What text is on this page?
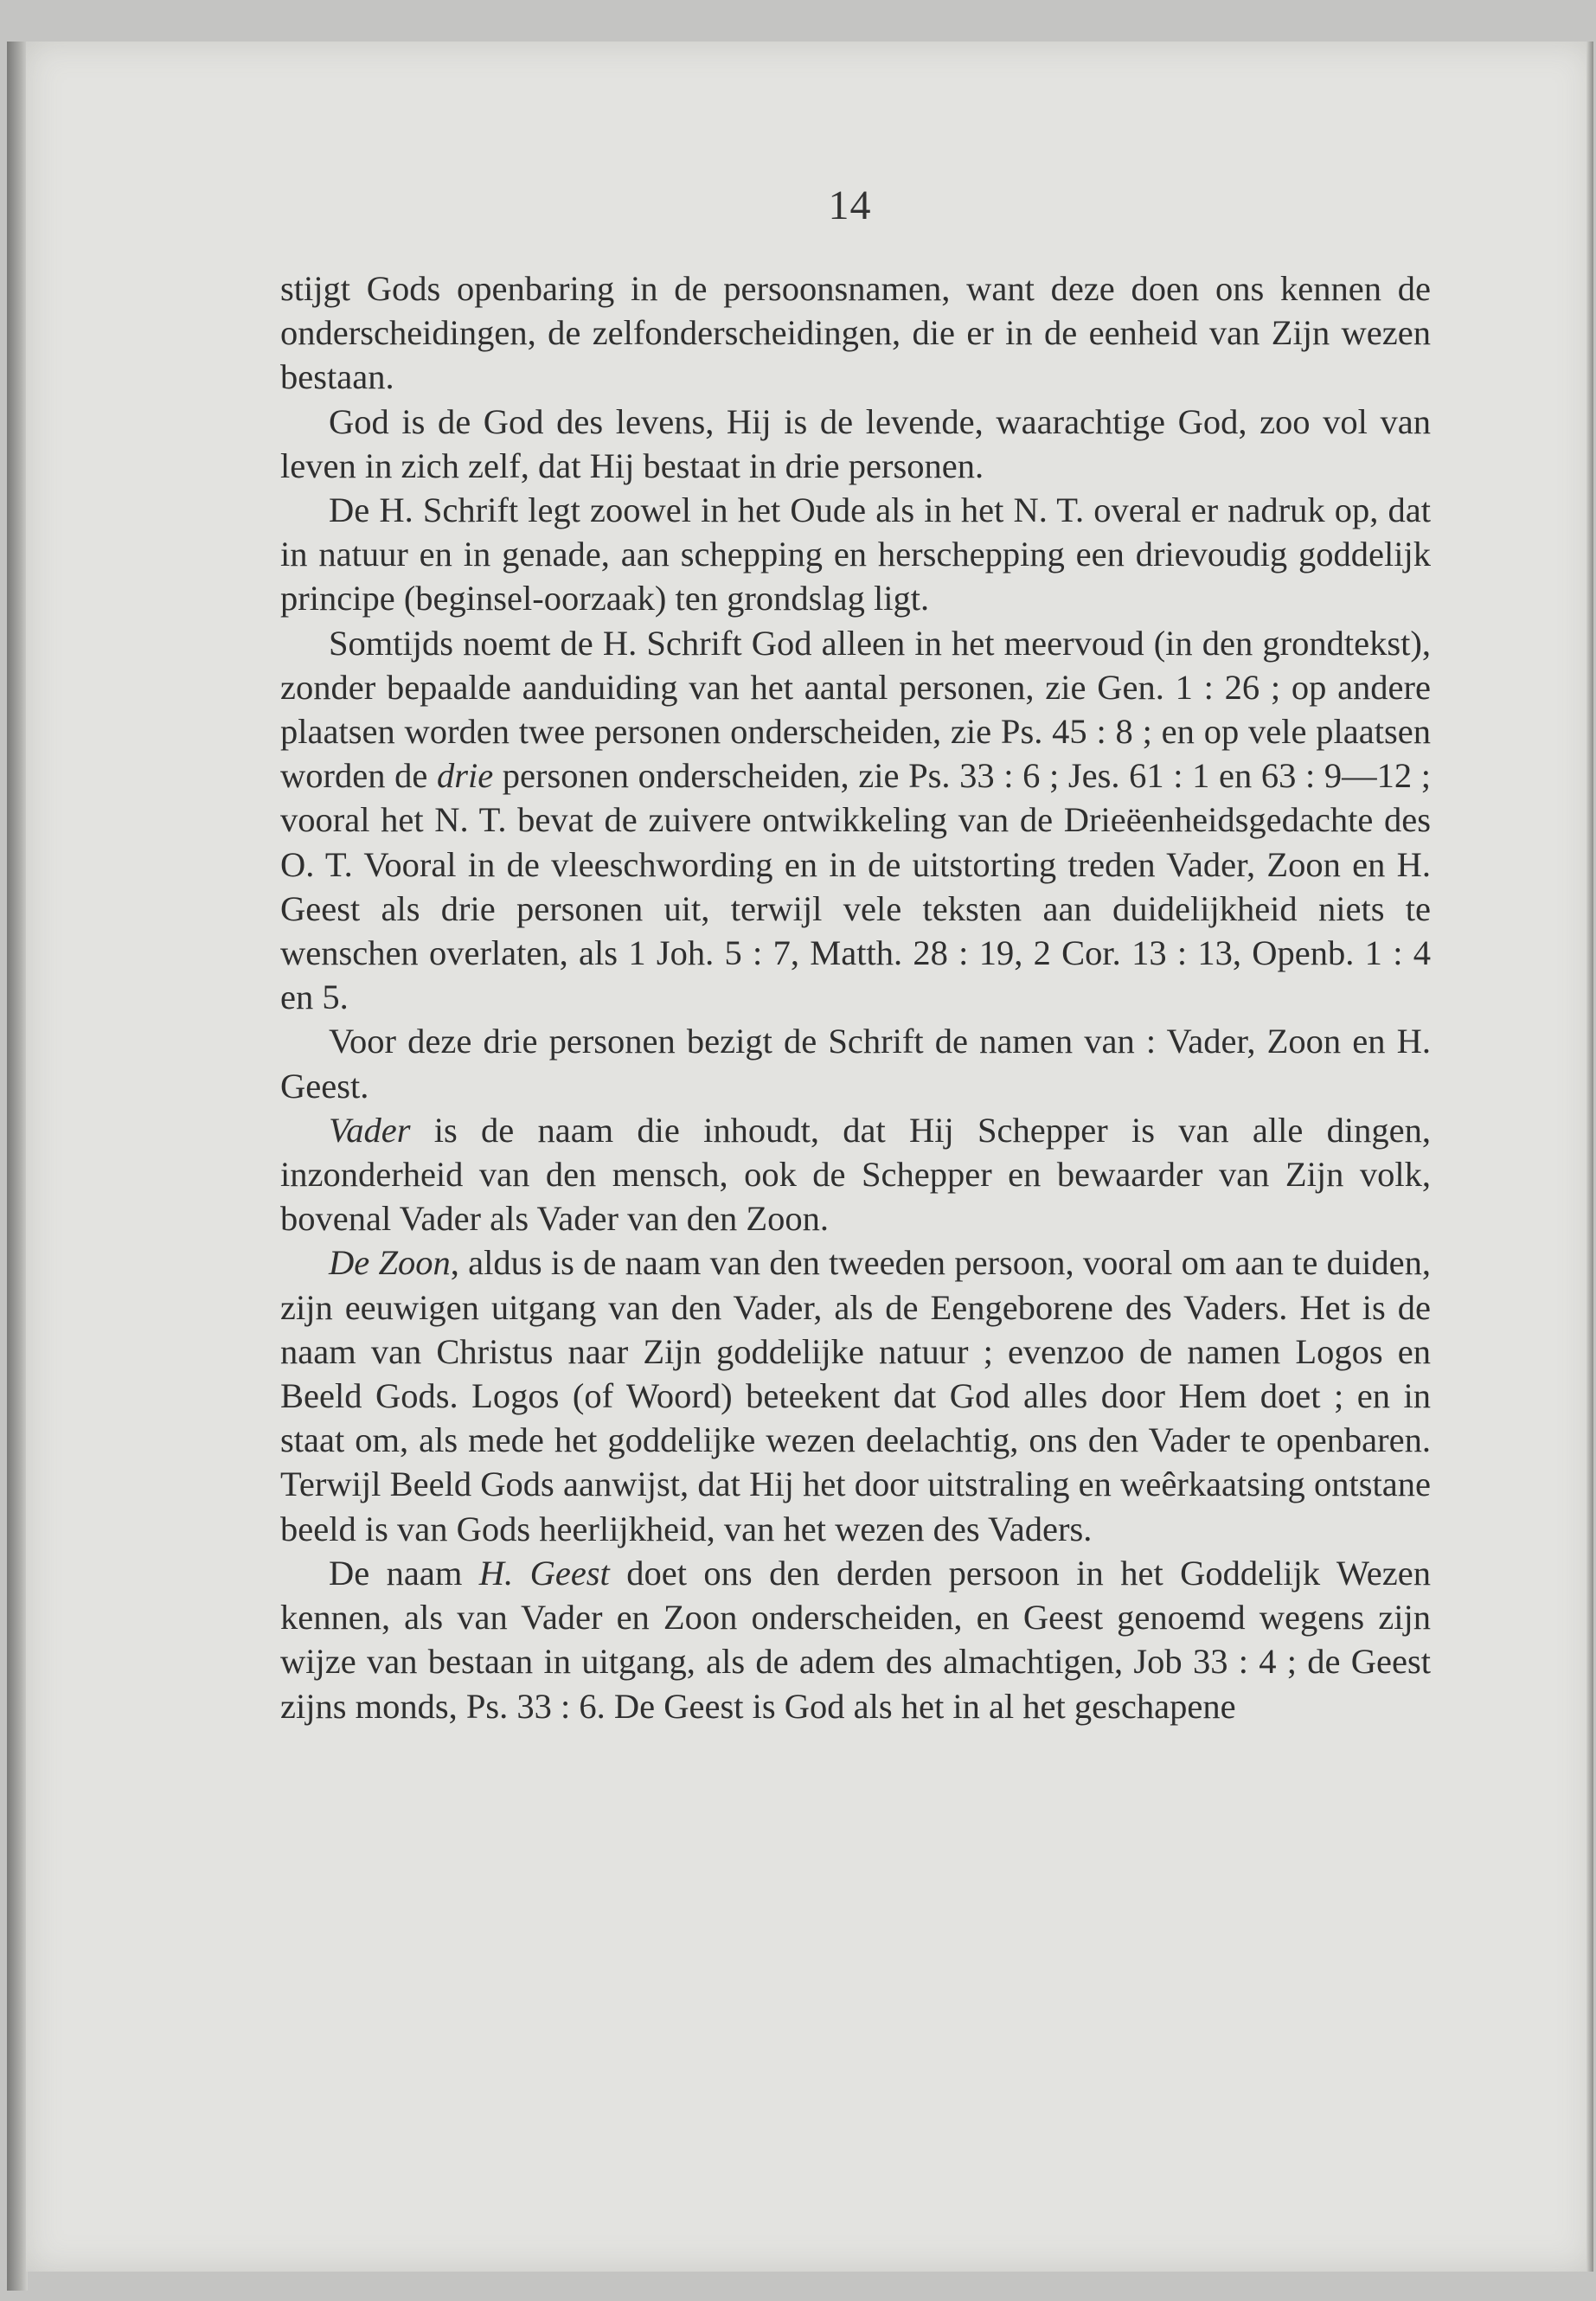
14

stijgt Gods openbaring in de persoonsnamen, want deze doen ons kennen de onderscheidingen, de zelfonderscheidingen, die er in de eenheid van Zijn wezen bestaan.

God is de God des levens, Hij is de levende, waarachtige God, zoo vol van leven in zich zelf, dat Hij bestaat in drie personen.

De H. Schrift legt zoowel in het Oude als in het N. T. overal er nadruk op, dat in natuur en in genade, aan schepping en herschepping een drievoudig goddelijk principe (beginsel-oorzaak) ten grondslag ligt.

Somtijds noemt de H. Schrift God alleen in het meervoud (in den grondtekst), zonder bepaalde aanduiding van het aantal personen, zie Gen. 1 : 26 ; op andere plaatsen worden twee personen onderscheiden, zie Ps. 45 : 8 ; en op vele plaatsen worden de drie personen onderscheiden, zie Ps. 33 : 6 ; Jes. 61 : 1 en 63 : 9—12 ; vooral het N. T. bevat de zuivere ontwikkeling van de Drieëenheidsgedachte des O. T. Vooral in de vleeschwording en in de uitstorting treden Vader, Zoon en H. Geest als drie personen uit, terwijl vele teksten aan duidelijkheid niets te wenschen overlaten, als 1 Joh. 5 : 7, Matth. 28 : 19, 2 Cor. 13 : 13, Openb. 1 : 4 en 5.

Voor deze drie personen bezigt de Schrift de namen van : Vader, Zoon en H. Geest.

Vader is de naam die inhoudt, dat Hij Schepper is van alle dingen, inzonderheid van den mensch, ook de Schepper en bewaarder van Zijn volk, bovenal Vader als Vader van den Zoon.

De Zoon, aldus is de naam van den tweeden persoon, vooral om aan te duiden, zijn eeuwigen uitgang van den Vader, als de Eengeborene des Vaders. Het is de naam van Christus naar Zijn goddelijke natuur ; evenzoo de namen Logos en Beeld Gods. Logos (of Woord) beteekent dat God alles door Hem doet ; en in staat om, als mede het goddelijke wezen deelachtig, ons den Vader te openbaren. Terwijl Beeld Gods aanwijst, dat Hij het door uitstraling en weêrkaatsing ontstane beeld is van Gods heerlijkheid, van het wezen des Vaders.

De naam H. Geest doet ons den derden persoon in het Goddelijk Wezen kennen, als van Vader en Zoon onderscheiden, en Geest genoemd wegens zijn wijze van bestaan in uitgang, als de adem des almachtigen, Job 33 : 4 ; de Geest zijns monds, Ps. 33 : 6. De Geest is God als het in al het geschapene
